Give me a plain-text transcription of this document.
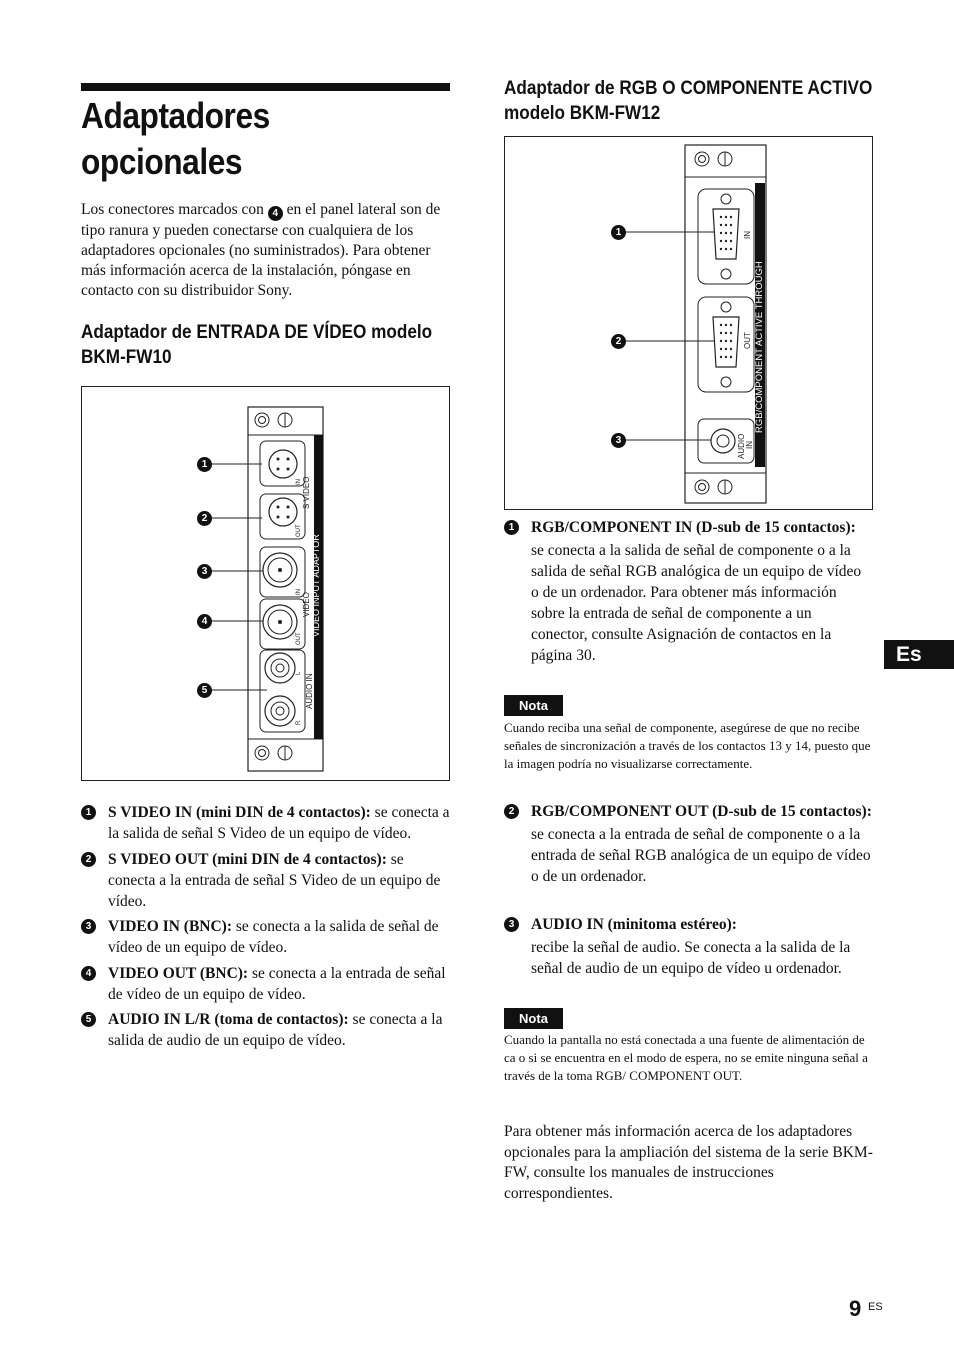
Adaptadores
opcionales

Los conectores marcados con 4 en el panel lateral son de tipo ranura y pueden conectarse con cualquiera de los adaptadores opcionales (no suministrados). Para obtener más información acerca de la instalación, póngase en contacto con su distribuidor Sony.

Adaptador de ENTRADA DE VÍDEO modelo
BKM-FW10
VIDEO INPUT ADAPTOR
S VIDEO
IN
OUT
VIDEO
IN
OUT
AUDIO IN
L
R
1
2
3
4
5
1	S VIDEO IN (mini DIN de 4 contactos): se conecta a la salida de señal S Video de un equipo de vídeo.
2	S VIDEO OUT (mini DIN de 4 contactos): se conecta a la entrada de señal S Video de un equipo de vídeo.
3	VIDEO IN (BNC): se conecta a la salida de señal de vídeo de un equipo de vídeo.
4	VIDEO OUT (BNC): se conecta a la entrada de señal de vídeo de un equipo de vídeo.
5	AUDIO IN L/R (toma de contactos): se conecta a la salida de audio de un equipo de vídeo.
Adaptador de RGB O COMPONENTE ACTIVO
modelo BKM-FW12
RGB/COMPONENT ACTIVE THROUGH
IN
OUT
AUDIO IN
1
2
3
1	RGB/COMPONENT IN (D-sub de 15 contactos):
se conecta a la salida de señal de componente o a la salida de señal RGB analógica de un equipo de vídeo o de un ordenador. Para obtener más información sobre la entrada de señal de componente a un conector, consulte Asignación de contactos en la página 30.
Nota
Cuando reciba una señal de componente, asegúrese de que no recibe señales de sincronización a través de los contactos 13 y 14, puesto que la imagen podría no visualizarse correctamente.
2	RGB/COMPONENT OUT (D-sub de 15 contactos):
se conecta a la entrada de señal de componente o a la entrada de señal RGB analógica de un equipo de vídeo o de un ordenador.
3	AUDIO IN (minitoma estéreo):
recibe la señal de audio. Se conecta a la salida de la señal de audio de un equipo de vídeo u ordenador.
Nota
Cuando la pantalla no está conectada a una fuente de alimentación de ca o si se encuentra en el modo de espera, no se emite ninguna señal a través de la toma RGB/ COMPONENT OUT.

Para obtener más información acerca de los adaptadores opcionales para la ampliación del sistema de la serie BKM-FW, consulte los manuales de instrucciones correspondientes.

Es
9 ES
